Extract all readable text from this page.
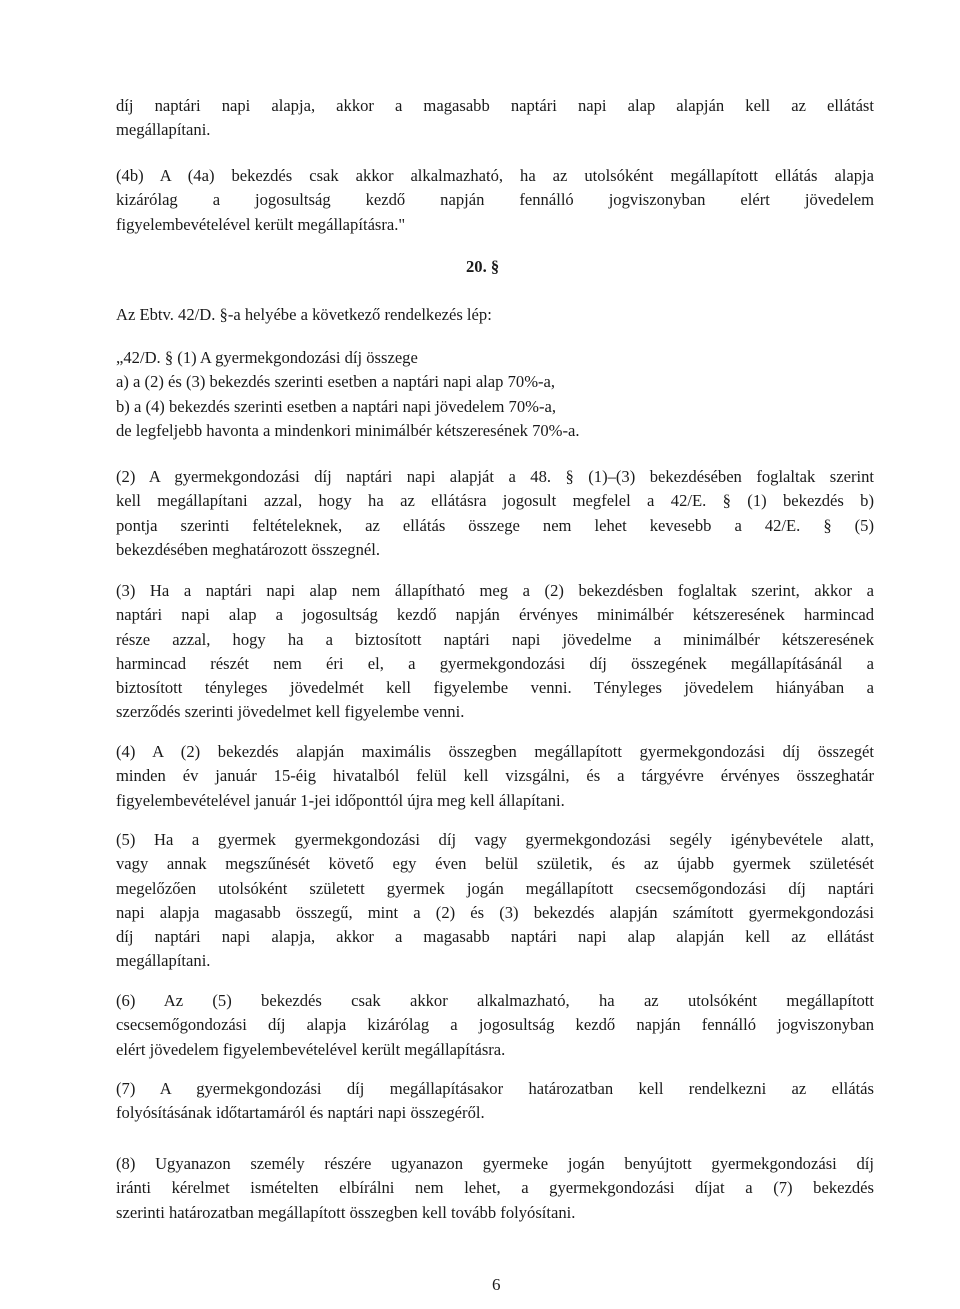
díj naptári napi alapja, akkor a magasabb naptári napi alap alapján kell az ellátást
megállapítani.
(4b) A (4a) bekezdés csak akkor alkalmazható, ha az utolsóként megállapított ellátás alapja
kizárólag a jogosultság kezdő napján fennálló jogviszonyban elért jövedelem
figyelembevételével került megállapításra."
20. §
Az Ebtv. 42/D. §-a helyébe a következő rendelkezés lép:
„42/D. § (1) A gyermekgondozási díj összege
a) a (2) és (3) bekezdés szerinti esetben a naptári napi alap 70%-a,
b) a (4) bekezdés szerinti esetben a naptári napi jövedelem 70%-a,
de legfeljebb havonta a mindenkori minimálbér kétszeresének 70%-a.
(2) A gyermekgondozási díj naptári napi alapját a 48. § (1)–(3) bekezdésében foglaltak szerint
kell megállapítani azzal, hogy ha az ellátásra jogosult megfelel a 42/E. § (1) bekezdés b)
pontja szerinti feltételeknek, az ellátás összege nem lehet kevesebb a 42/E. § (5)
bekezdésében meghatározott összegnél.
(3) Ha a naptári napi alap nem állapítható meg a (2) bekezdésben foglaltak szerint, akkor a
naptári napi alap a jogosultság kezdő napján érvényes minimálbér kétszeresének harmincad
része azzal, hogy ha a biztosított naptári napi jövedelme a minimálbér kétszeresének
harmincad részét nem éri el, a gyermekgondozási díj összegének megállapításánál a
biztosított tényleges jövedelmét kell figyelembe venni. Tényleges jövedelem hiányában a
szerződés szerinti jövedelmet kell figyelembe venni.
(4) A (2) bekezdés alapján maximális összegben megállapított gyermekgondozási díj összegét
minden év január 15-éig hivatalból felül kell vizsgálni, és a tárgyévre érvényes összeghatár
figyelembevételével január 1-jei időponttól újra meg kell állapítani.
(5) Ha a gyermek gyermekgondozási díj vagy gyermekgondozási segély igénybevétele alatt,
vagy annak megszűnését követő egy éven belül születik, és az újabb gyermek születését
megelőzően utolsóként született gyermek jogán megállapított csecsemőgondozási díj naptári
napi alapja magasabb összegű, mint a (2) és (3) bekezdés alapján számított gyermekgondozási
díj naptári napi alapja, akkor a magasabb naptári napi alap alapján kell az ellátást
megállapítani.
(6) Az (5) bekezdés csak akkor alkalmazható, ha az utolsóként megállapított
csecsemőgondozási díj alapja kizárólag a jogosultság kezdő napján fennálló jogviszonyban
elért jövedelem figyelembevételével került megállapításra.
(7) A gyermekgondozási díj megállapításakor határozatban kell rendelkezni az ellátás
folyósításának időtartamáról és naptári napi összegéről.
(8) Ugyanazon személy részére ugyanazon gyermeke jogán benyújtott gyermekgondozási díj
iránti kérelmet ismételten elbírálni nem lehet, a gyermekgondozási díjat a (7) bekezdés
szerinti határozatban megállapított összegben kell tovább folyósítani.
6
